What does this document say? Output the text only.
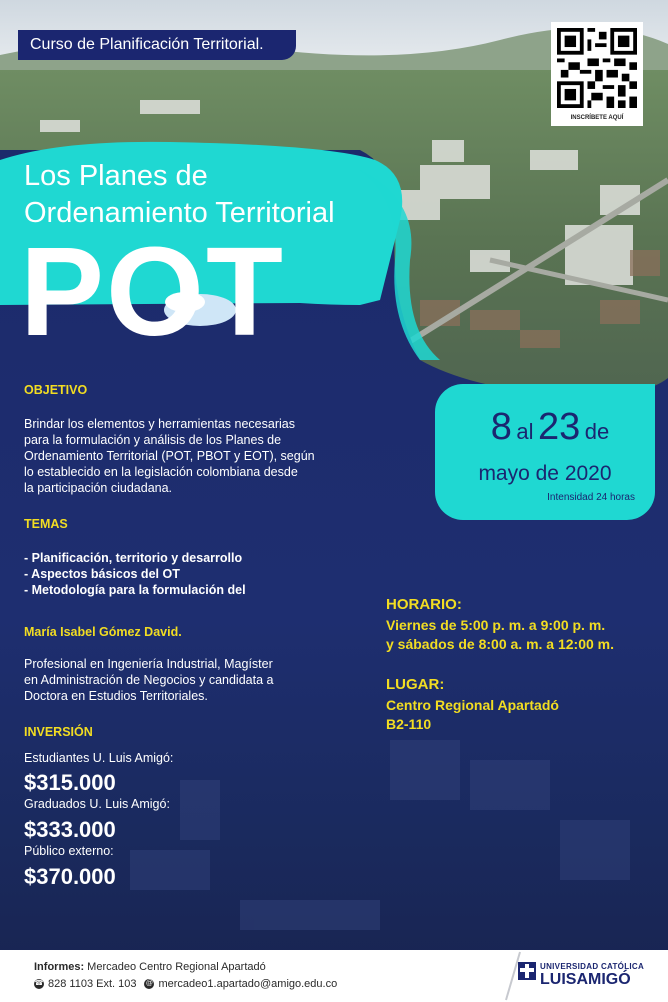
Curso de Planificación Territorial.
INSCRÍBETE AQUÍ
Los Planes de
Ordenamiento Territorial
POT
OBJETIVO
Brindar los elementos y herramientas necesarias
para la formulación y análisis de los Planes de
Ordenamiento Territorial (POT, PBOT y EOT), según
lo establecido en la legislación colombiana desde
la participación ciudadana.
TEMAS
- Planificación, territorio y desarrollo
- Aspectos básicos del OT
- Metodología para la formulación del
María Isabel Gómez David.
Profesional en Ingeniería Industrial, Magíster
en Administración de Negocios y candidata a
Doctora en Estudios Territoriales.
INVERSIÓN
Estudiantes U. Luis Amigó:
$315.000
Graduados U. Luis Amigó:
$333.000
Público externo:
$370.000
8 al 23 de
mayo de 2020
Intensidad 24 horas
HORARIO:
Viernes de 5:00 p. m. a 9:00 p. m.
y sábados de 8:00 a. m. a 12:00 m.
LUGAR:
Centro Regional Apartadó
B2-110
Informes: Mercadeo Centro Regional Apartadó
☎ 828 1103 Ext. 103 @ mercadeo1.apartado@amigo.edu.co
UNIVERSIDAD CATÓLICA
LUISAMIGÓ
